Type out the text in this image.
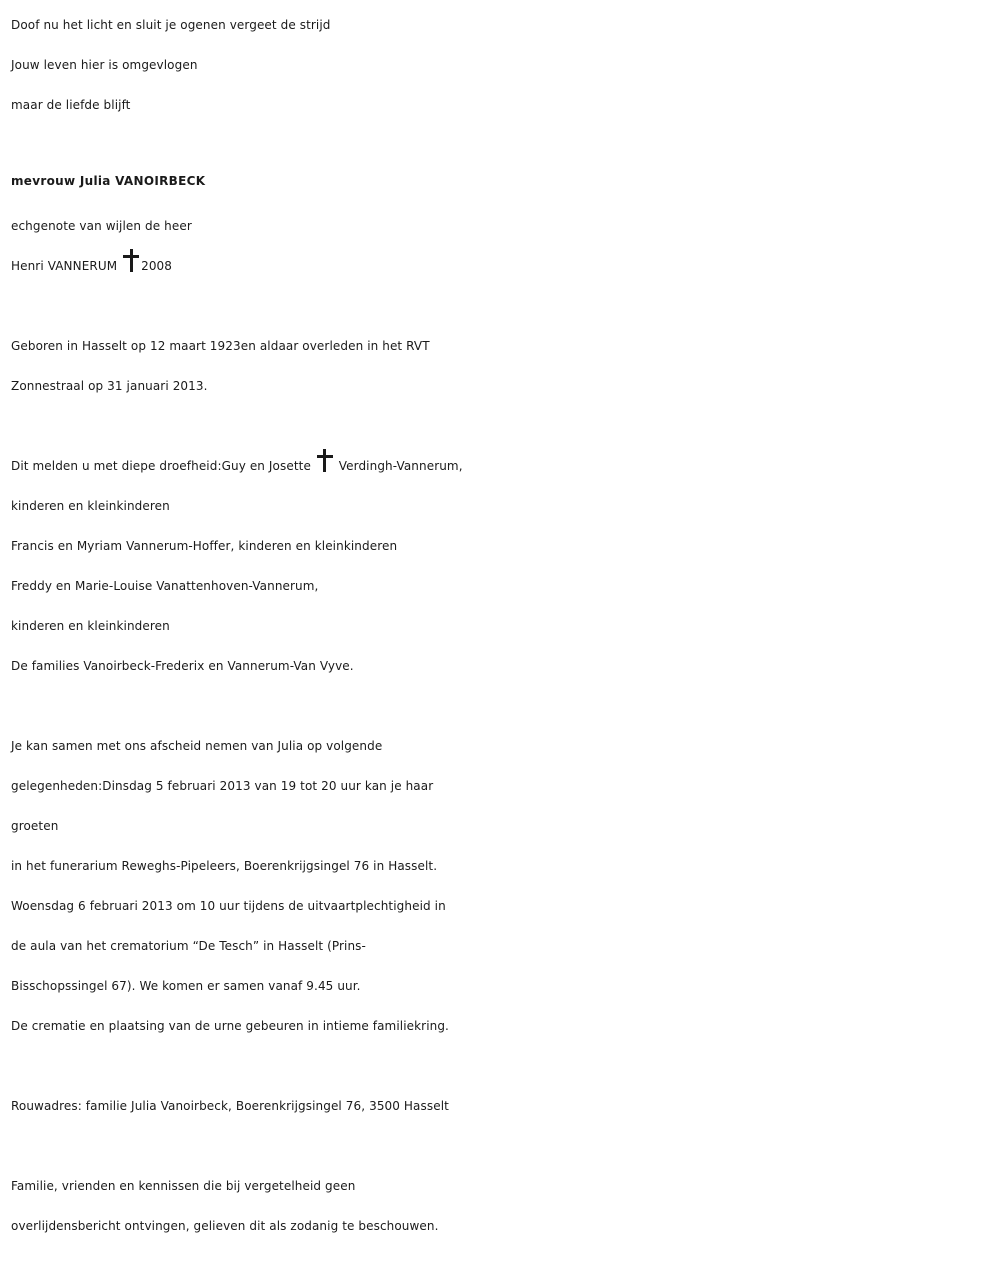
Doof nu het licht en sluit je ogenen vergeet de strijd
Jouw leven hier is omgevlogen
maar de liefde blijft
mevrouw Julia VANOIRBECK
echgenote van wijlen de heer
Henri VANNERUM 2008
Geboren in Hasselt op 12 maart 1923en aldaar overleden in het RVT
Zonnestraal op 31 januari 2013.
Dit melden u met diepe droefheid:Guy en Josette Verdingh-Vannerum,
kinderen en kleinkinderen
Francis en Myriam Vannerum-Hoffer, kinderen en kleinkinderen
Freddy en Marie-Louise Vanattenhoven-Vannerum,
kinderen en kleinkinderen
De families Vanoirbeck-Frederix en Vannerum-Van Vyve.
Je kan samen met ons afscheid nemen van Julia op volgende
gelegenheden:Dinsdag 5 februari 2013 van 19 tot 20 uur kan je haar
groeten
in het funerarium Reweghs-Pipeleers, Boerenkrijgsingel 76 in Hasselt.
Woensdag 6 februari 2013 om 10 uur tijdens de uitvaartplechtigheid in
de aula van het crematorium “De Tesch” in Hasselt (Prins-
Bisschopssingel 67). We komen er samen vanaf 9.45 uur.
De crematie en plaatsing van de urne gebeuren in intieme familiekring.
Rouwadres: familie Julia Vanoirbeck, Boerenkrijgsingel 76, 3500 Hasselt
Familie, vrienden en kennissen die bij vergetelheid geen
overlijdensbericht ontvingen, gelieven dit als zodanig te beschouwen.
